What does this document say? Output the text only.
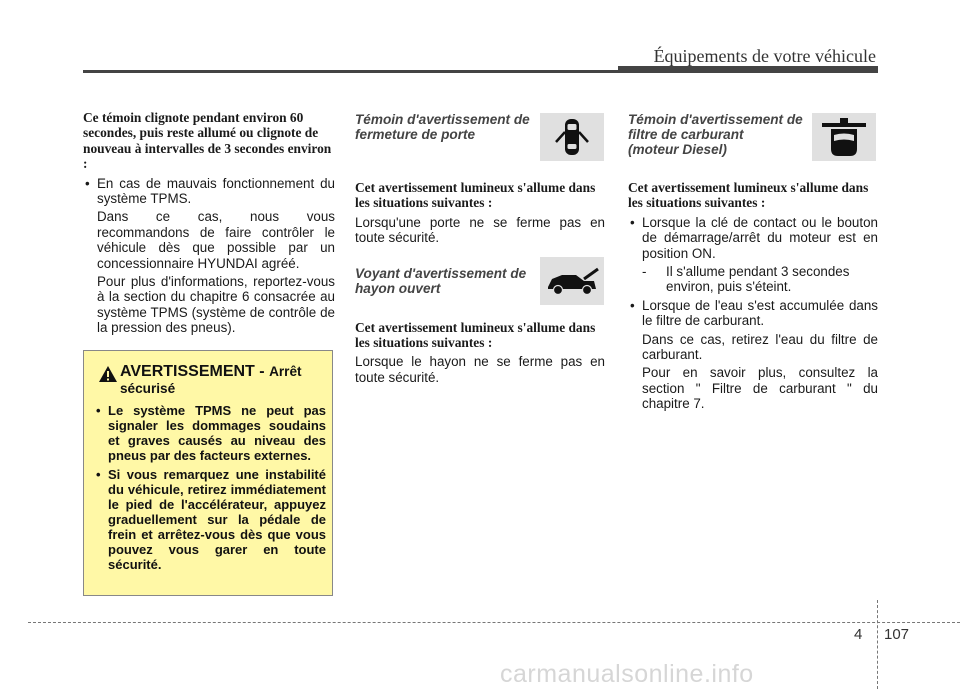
Équipements de votre véhicule

Ce témoin clignote pendant environ 60 secondes, puis reste allumé ou clignote de nouveau à intervalles de 3 secondes environ :

• En cas de mauvais fonctionnement du système TPMS.
Dans ce cas, nous vous recommandons de faire contrôler le véhicule dès que possible par un concessionnaire HYUNDAI agréé.
Pour plus d'informations, reportez-vous à la section du chapitre 6 consacrée au système TPMS (système de contrôle de la pression des pneus).
AVERTISSEMENT - Arrêt
sécurisé
• Le système TPMS ne peut pas signaler les dommages soudains et graves causés au niveau des pneus par des facteurs externes.
• Si vous remarquez une instabilité du véhicule, retirez immédiatement le pied de l'accélérateur, appuyez graduellement sur la pédale de frein et arrêtez-vous dès que vous pouvez vous garer en toute sécurité.
Témoin d'avertissement de
fermeture de porte

Cet avertissement lumineux s'allume dans les situations suivantes :

Lorsqu'une porte ne se ferme pas en toute sécurité.
Voyant d'avertissement de
hayon ouvert

Cet avertissement lumineux s'allume dans les situations suivantes :

Lorsque le hayon ne se ferme pas en toute sécurité.
Témoin d'avertissement de
filtre de carburant
(moteur Diesel)

Cet avertissement lumineux s'allume dans les situations suivantes :

• Lorsque la clé de contact ou le bouton de démarrage/arrêt du moteur est en position ON.
- Il s'allume pendant 3 secondes
environ, puis s'éteint.
• Lorsque de l'eau s'est accumulée dans le filtre de carburant.
Dans ce cas, retirez l'eau du filtre de carburant.
Pour en savoir plus, consultez la section " Filtre de carburant " du chapitre 7.
4 107
carmanualsonline.info
